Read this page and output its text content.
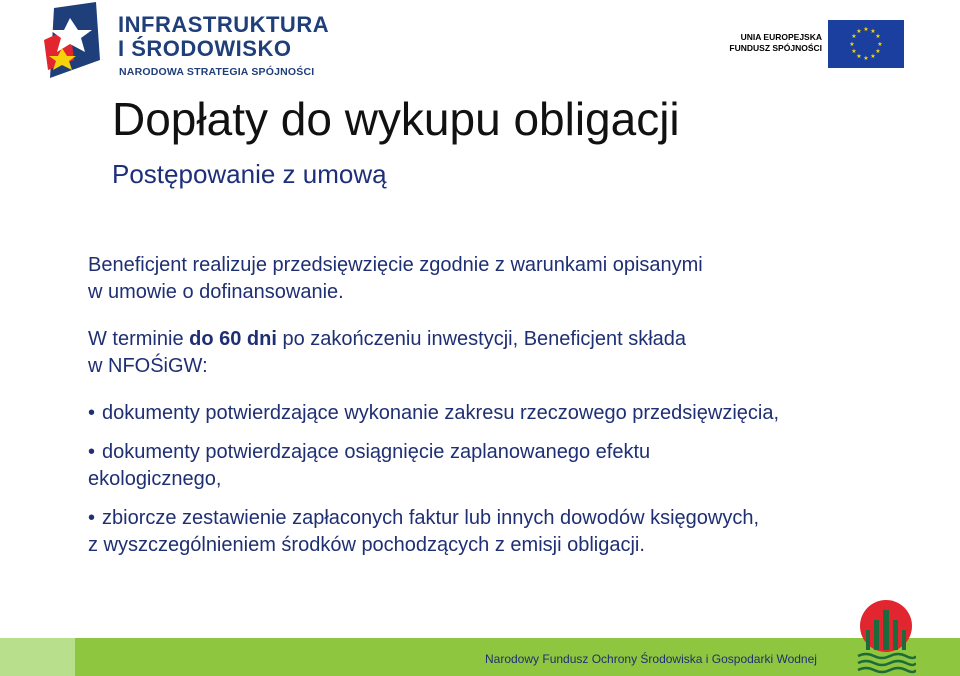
INFRASTRUKTURA
I ŚRODOWISKO
NARODOWA STRATEGIA SPÓJNOŚCI
UNIA EUROPEJSKA
FUNDUSZ SPÓJNOŚCI
★ ★
★
★
★
★
★
★
★
★
★
★
Dopłaty do wykupu obligacji
Postępowanie z umową

Beneficjent realizuje przedsięwzięcie zgodnie z warunkami opisanymi
w umowie o dofinansowanie.

W terminie do 60 dni po zakończeniu inwestycji, Beneficjent składa
w NFOŚiGW:

• dokumenty potwierdzające wykonanie zakresu rzeczowego przedsięwzięcia,

• dokumenty potwierdzające osiągnięcie zaplanowanego efektu
ekologicznego,

• zbiorcze zestawienie zapłaconych faktur lub innych dowodów księgowych,
z wyszczególnieniem środków pochodzących z emisji obligacji.

Narodowy Fundusz Ochrony Środowiska i Gospodarki Wodnej
